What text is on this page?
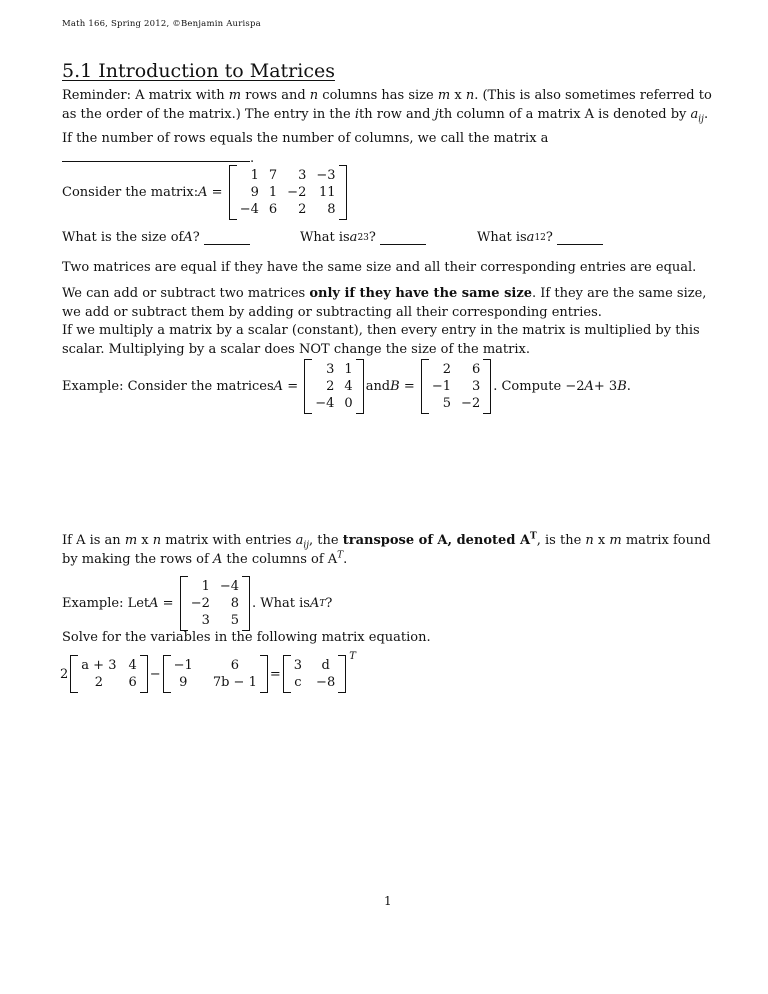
Math 166, Spring 2012, ©Benjamin Aurispa
5.1 Introduction to Matrices
Reminder: A matrix with m rows and n columns has size m x n. (This is also sometimes referred to as the order of the matrix.) The entry in the ith row and jth column of a matrix A is denoted by $a_{ij}$.
If the number of rows equals the number of columns, we call the matrix a .
Consider the matrix: A =
1 7	3 −3
9 1 −2 11
−4 6	2	8
What is the size of A ?	What is a 23 ?	What is a 12 ?
Two matrices are equal if they have the same size and all their corresponding entries are equal.
We can add or subtract two matrices only if they have the same size. If they are the same size, we add or subtract them by adding or subtracting all their corresponding entries.
If we multiply a matrix by a scalar (constant), then every entry in the matrix is multiplied by this scalar. Multiplying by a scalar does NOT change the size of the matrix.
Example: Consider the matrices A =
3 1
2 4
−4 0
and B =
2	6
−1	3
5 −2
. Compute −2 A + 3 B .
If A is an m x n matrix with entries $a_{ij}$, the transpose of A, denoted $A^T$, is the n x m matrix found by making the rows of A the columns of $A^T$.
Example: Let A =
1 −4
−2	8
3	5
. What is A T ?
Solve for the variables in the following matrix equation.
2
a + 3 4
2	6
−
−1	6
9	7b − 1
=
3	d
c −8
T
1
